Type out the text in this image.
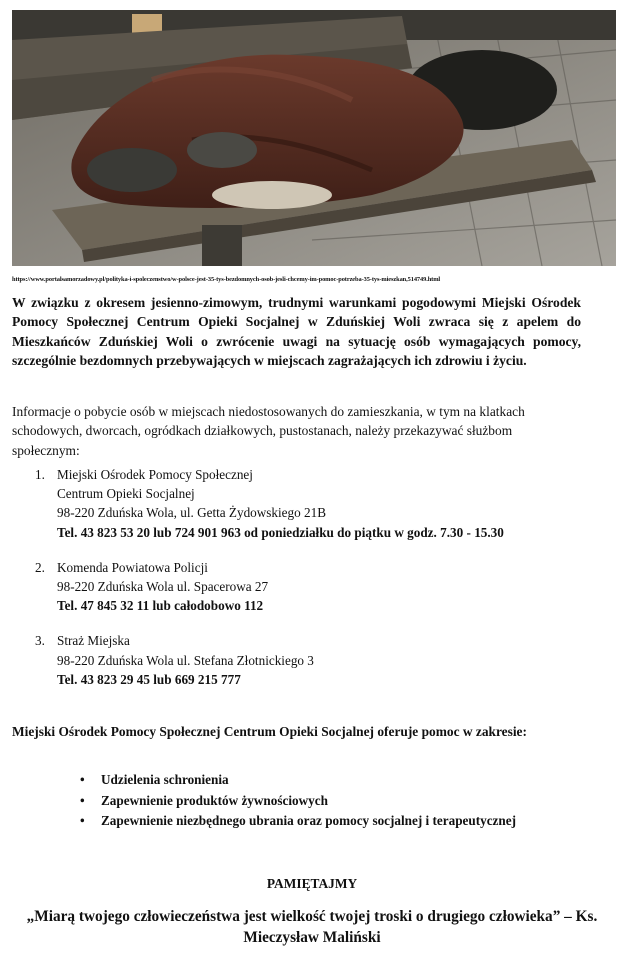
https://www.portalsamorzadowy.pl/polityka-i-spoleczenstwo/w-polsce-jest-35-tys-bezdomnych-osob-jesli-chcemy-im-pomoc-potrzeba-35-tys-mieszkan,514749.html

W związku z okresem jesienno-zimowym, trudnymi warunkami pogodowymi Miejski Ośrodek Pomocy Społecznej Centrum Opieki Socjalnej w Zduńskiej Woli zwraca się z apelem do Mieszkańców Zduńskiej Woli o zwrócenie uwagi na sytuację osób wymagających pomocy, szczególnie bezdomnych przebywających w miejscach zagrażających ich zdrowiu i życiu.

Informacje o pobycie osób w miejscach niedostosowanych do zamieszkania, w tym na klatkach schodowych, dworcach, ogródkach działkowych, pustostanach, należy przekazywać służbom społecznym:

1. Miejski Ośrodek Pomocy Społecznej
Centrum Opieki Socjalnej
98-220 Zduńska Wola, ul. Getta Żydowskiego 21B
Tel. 43 823 53 20 lub 724 901 963 od poniedziałku do piątku w godz. 7.30 - 15.30
2. Komenda Powiatowa Policji
98-220 Zduńska Wola ul. Spacerowa 27
Tel. 47 845 32 11 lub całodobowo 112
3. Straż Miejska
98-220 Zduńska Wola ul. Stefana Złotnickiego 3
Tel. 43 823 29 45 lub 669 215 777

Miejski Ośrodek Pomocy Społecznej Centrum Opieki Socjalnej oferuje pomoc w zakresie:

• Udzielenia schronienia
• Zapewnienie produktów żywnościowych
• Zapewnienie niezbędnego ubrania oraz pomocy socjalnej i terapeutycznej
PAMIĘTAJMY
„Miarą twojego człowieczeństwa jest wielkość twojej troski o drugiego człowieka” – Ks. Mieczysław Maliński
